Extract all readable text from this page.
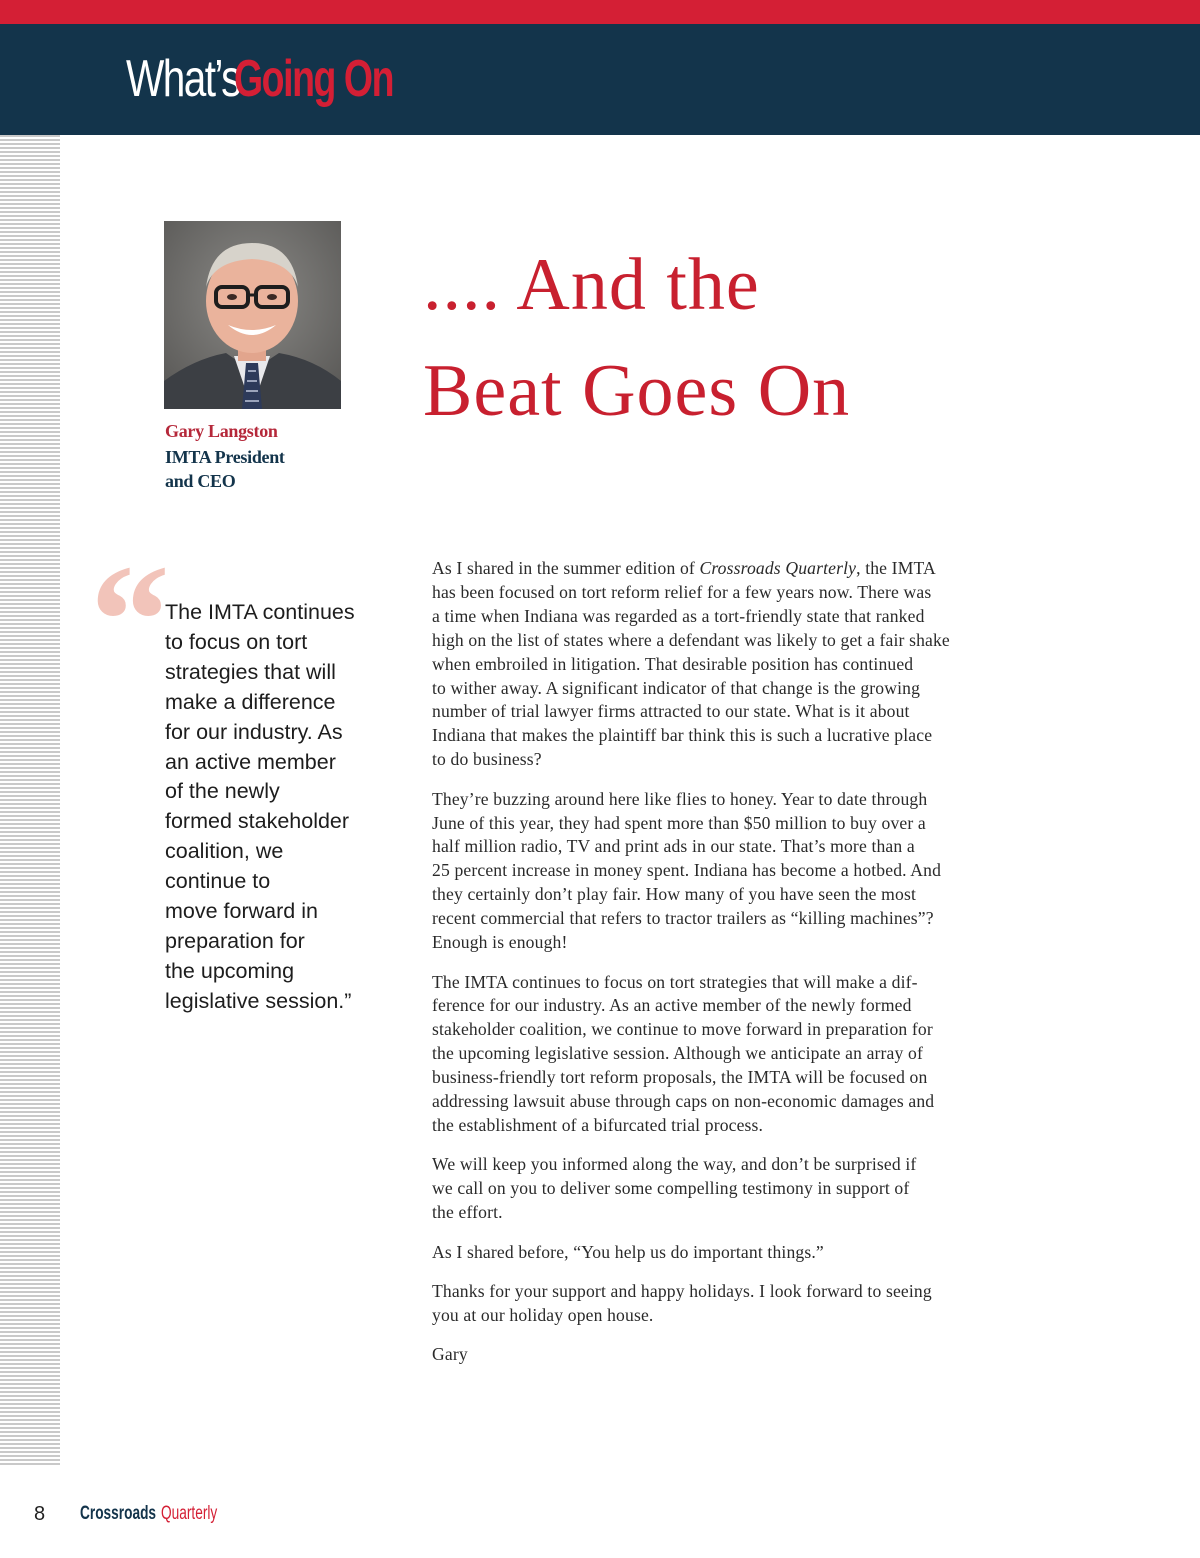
What’s
Going On
Gary Langston
IMTA President
and CEO
.... And the
Beat Goes On
“
The IMTA continues
to focus on tort
strategies that will
make a difference
for our industry. As
an active member
of the newly
formed stakeholder
coalition, we
continue to
move forward in
preparation for
the upcoming
legislative session.”

As I shared in the summer edition of Crossroads Quarterly, the IMTA
has been focused on tort reform relief for a few years now. There was
a time when Indiana was regarded as a tort-friendly state that ranked
high on the list of states where a defendant was likely to get a fair shake
when embroiled in litigation. That desirable position has continued
to wither away. A significant indicator of that change is the growing
number of trial lawyer firms attracted to our state. What is it about
Indiana that makes the plaintiff bar think this is such a lucrative place
to do business?

They’re buzzing around here like flies to honey. Year to date through
June of this year, they had spent more than $50 million to buy over a
half million radio, TV and print ads in our state. That’s more than a
25 percent increase in money spent. Indiana has become a hotbed. And
they certainly don’t play fair. How many of you have seen the most
recent commercial that refers to tractor trailers as “killing machines”?
Enough is enough!

The IMTA continues to focus on tort strategies that will make a dif-
ference for our industry. As an active member of the newly formed
stakeholder coalition, we continue to move forward in preparation for
the upcoming legislative session. Although we anticipate an array of
business-friendly tort reform proposals, the IMTA will be focused on
addressing lawsuit abuse through caps on non-economic damages and
the establishment of a bifurcated trial process.

We will keep you informed along the way, and don’t be surprised if
we call on you to deliver some compelling testimony in support of
the effort.

As I shared before, “You help us do important things.”

Thanks for your support and happy holidays. I look forward to seeing
you at our holiday open house.

Gary

8 Crossroads Quarterly
